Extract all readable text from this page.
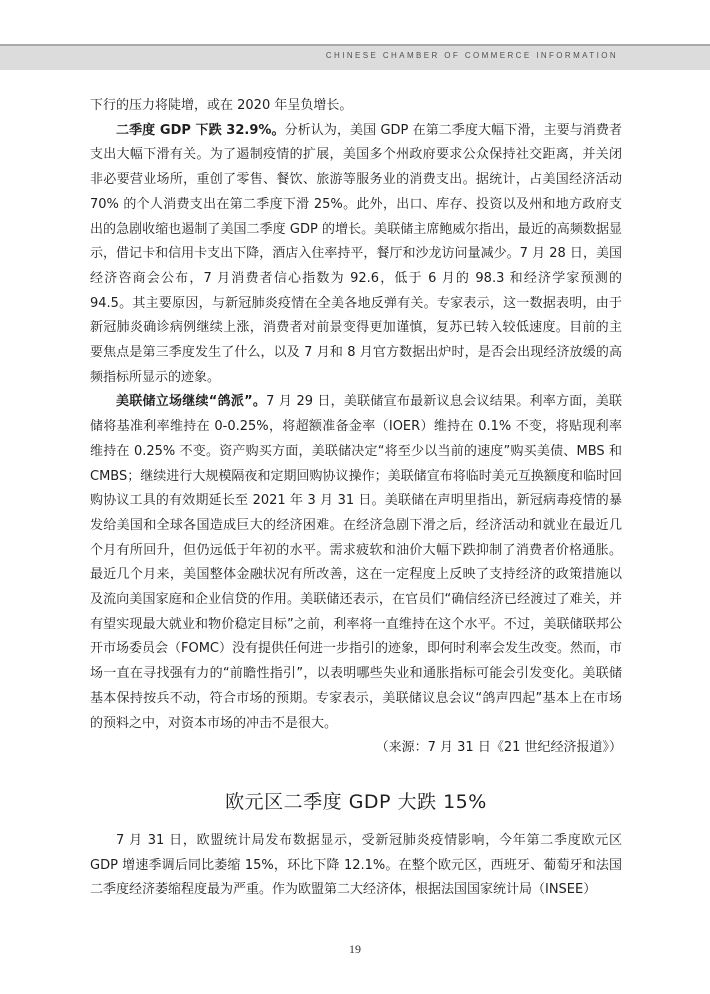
CHINESE CHAMBER OF COMMERCE INFORMATION

下行的压力将陡增，或在 2020 年呈负增长。

二季度 GDP 下跌 32.9%。分析认为，美国 GDP 在第二季度大幅下滑，主要与消费者支出大幅下滑有关。为了遏制疫情的扩展，美国多个州政府要求公众保持社交距离，并关闭非必要营业场所，重创了零售、餐饮、旅游等服务业的消费支出。据统计，占美国经济活动 70% 的个人消费支出在第二季度下滑 25%。此外，出口、库存、投资以及州和地方政府支出的急剧收缩也遏制了美国二季度 GDP 的增长。美联储主席鲍威尔指出，最近的高频数据显示，借记卡和信用卡支出下降，酒店入住率持平，餐厅和沙龙访问量减少。7 月 28 日，美国经济咨商会公布，7 月消费者信心指数为 92.6，低于 6 月的 98.3 和经济学家预测的 94.5。其主要原因，与新冠肺炎疫情在全美各地反弹有关。专家表示，这一数据表明，由于新冠肺炎确诊病例继续上涨，消费者对前景变得更加谨慎，复苏已转入较低速度。目前的主要焦点是第三季度发生了什么，以及 7 月和 8 月官方数据出炉时，是否会出现经济放缓的高频指标所显示的迹象。

美联储立场继续“鸽派”。7 月 29 日，美联储宣布最新议息会议结果。利率方面，美联储将基准利率维持在 0-0.25%，将超额准备金率（IOER）维持在 0.1% 不变，将贴现利率维持在 0.25% 不变。资产购买方面，美联储决定“将至少以当前的速度”购买美债、MBS 和 CMBS；继续进行大规模隔夜和定期回购协议操作；美联储宣布将临时美元互换额度和临时回购协议工具的有效期延长至 2021 年 3 月 31 日。美联储在声明里指出，新冠病毒疫情的暴发给美国和全球各国造成巨大的经济困难。在经济急剧下滑之后，经济活动和就业在最近几个月有所回升，但仍远低于年初的水平。需求疲软和油价大幅下跌抑制了消费者价格通胀。最近几个月来，美国整体金融状况有所改善，这在一定程度上反映了支持经济的政策措施以及流向美国家庭和企业信贷的作用。美联储还表示，在官员们“确信经济已经渡过了难关，并有望实现最大就业和物价稳定目标”之前，利率将一直维持在这个水平。不过，美联储联邦公开市场委员会（FOMC）没有提供任何进一步指引的迹象，即何时利率会发生改变。然而，市场一直在寻找强有力的“前瞻性指引”，以表明哪些失业和通胀指标可能会引发变化。美联储基本保持按兵不动，符合市场的预期。专家表示，美联储议息会议“鸽声四起”基本上在市场的预料之中，对资本市场的冲击不是很大。

（来源：7 月 31 日《21 世纪经济报道》）

欧元区二季度 GDP 大跌 15%

7 月 31 日，欧盟统计局发布数据显示，受新冠肺炎疫情影响，今年第二季度欧元区 GDP 增速季调后同比萎缩 15%，环比下降 12.1%。在整个欧元区，西班牙、葡萄牙和法国二季度经济萎缩程度最为严重。作为欧盟第二大经济体，根据法国国家统计局（INSEE）

19
